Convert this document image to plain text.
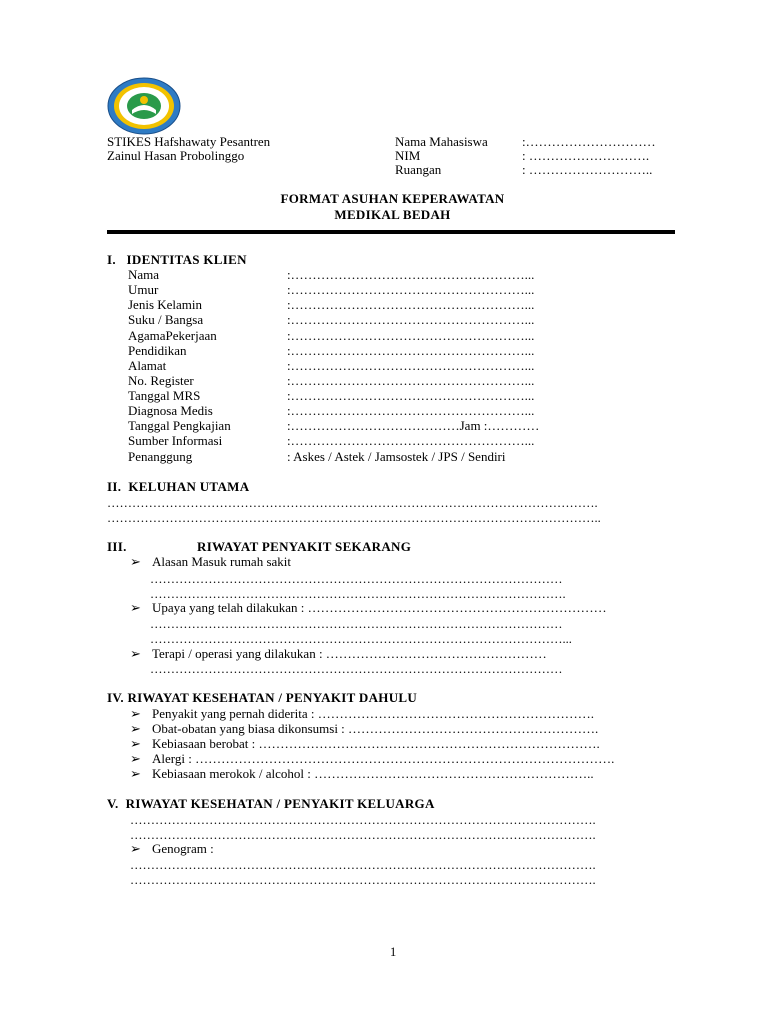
STIKES Hafshawaty Pesantren
Zainul Hasan Probolinggo
Nama Mahasiswa	:…………………………
NIM	: ……………………….
Ruangan	: ………………………..
FORMAT ASUHAN KEPERAWATAN
MEDIKAL BEDAH
I.   IDENTITAS KLIEN
Nama	:………………………………………………...
Umur	:………………………………………………...
Jenis Kelamin	:………………………………………………...
Suku / Bangsa	:………………………………………………...
AgamaPekerjaan	:………………………………………………...
Pendidikan	:………………………………………………...
Alamat	:………………………………………………...
No. Register	:………………………………………………...
Tanggal MRS	:………………………………………………...
Diagnosa Medis	:………………………………………………...
Tanggal Pengkajian	:…………………………………Jam :…………
Sumber Informasi	:………………………………………………...
Penanggung	: Askes / Astek / Jamsostek / JPS / Sendiri
II.  KELUHAN UTAMA
……………………………………………………………………………………………………….
………………………………………………………………………………………………………..
III.	RIWAYAT PENYAKIT SEKARANG
➢ Alasan Masuk rumah sakit
………………………………………………………………………………………
……………………………………………………………………………………….
➢ Upaya yang telah dilakukan : ……………………………………………………………
………………………………………………………………………………………
………………………………………………………………………………………...
➢ Terapi / operasi yang dilakukan : ……………………………………………
………………………………………………………………………………………
IV. RIWAYAT KESEHATAN / PENYAKIT DAHULU
➢ Penyakit yang pernah diderita : ……………………………………………………….
➢ Obat-obatan yang biasa dikonsumsi : ………………………………………………….
➢ Kebiasaan berobat : …………………………………………………………………….
➢ Alergi : …………………………………………………………………………………….
➢ Kebiasaan merokok / alcohol : ………………………………………………………..
V.  RIWAYAT KESEHATAN / PENYAKIT KELUARGA
………………………………………………………………………………………………….
………………………………………………………………………………………………….
➢ Genogram :
………………………………………………………………………………………………….
………………………………………………………………………………………………….
1
